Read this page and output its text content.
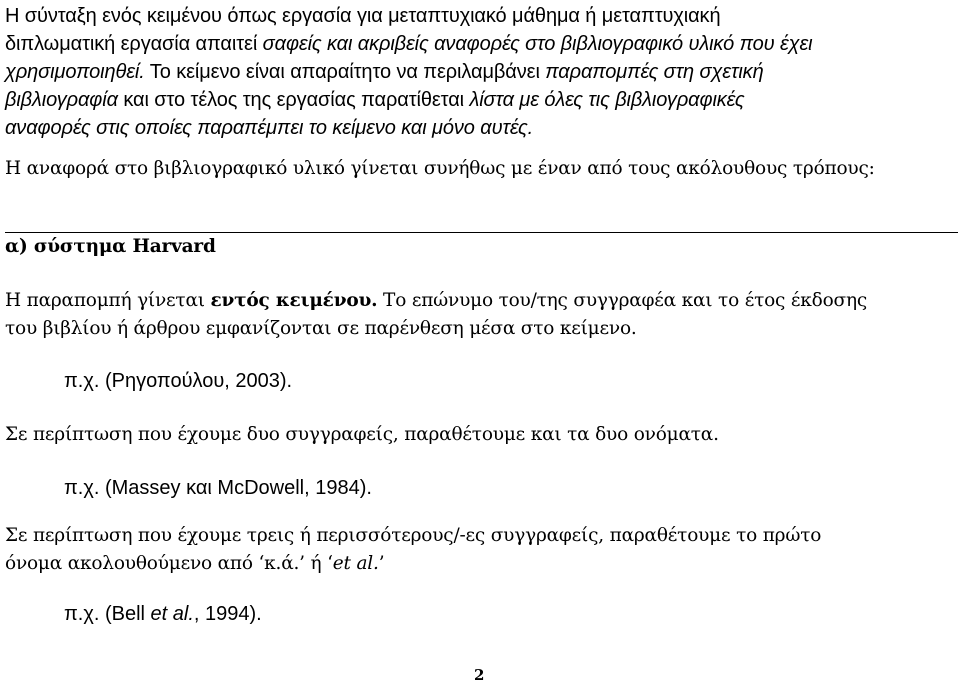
Η σύνταξη ενός κειμένου όπως εργασία για μεταπτυχιακό μάθημα ή μεταπτυχιακή
διπλωματική εργασία απαιτεί σαφείς και ακριβείς αναφορές στο βιβλιογραφικό υλικό που έχει
χρησιμοποιηθεί. Το κείμενο είναι απαραίτητο να περιλαμβάνει παραπομπές στη σχετική
βιβλιογραφία και στο τέλος της εργασίας παρατίθεται λίστα με όλες τις βιβλιογραφικές
αναφορές στις οποίες παραπέμπει το κείμενο και μόνο αυτές.

Η αναφορά στο βιβλιογραφικό υλικό γίνεται συνήθως με έναν από τους ακόλουθους τρόπους:

α) σύστημα Harvard

Η παραπομπή γίνεται εντός κειμένου. Το επώνυμο του/της συγγραφέα και το έτος έκδοσης
του βιβλίου ή άρθρου εμφανίζονται σε παρένθεση μέσα στο κείμενο.

π.χ. (Ρηγοπούλου, 2003).

Σε περίπτωση που έχουμε δυο συγγραφείς, παραθέτουμε και τα δυο ονόματα.

π.χ. (Massey και McDowell, 1984).

Σε περίπτωση που έχουμε τρεις ή περισσότερους/-ες συγγραφείς, παραθέτουμε το πρώτο
όνομα ακολουθούμενο από ‘κ.ά.’ ή ‘et al.’

π.χ. (Bell et al., 1994).

2
